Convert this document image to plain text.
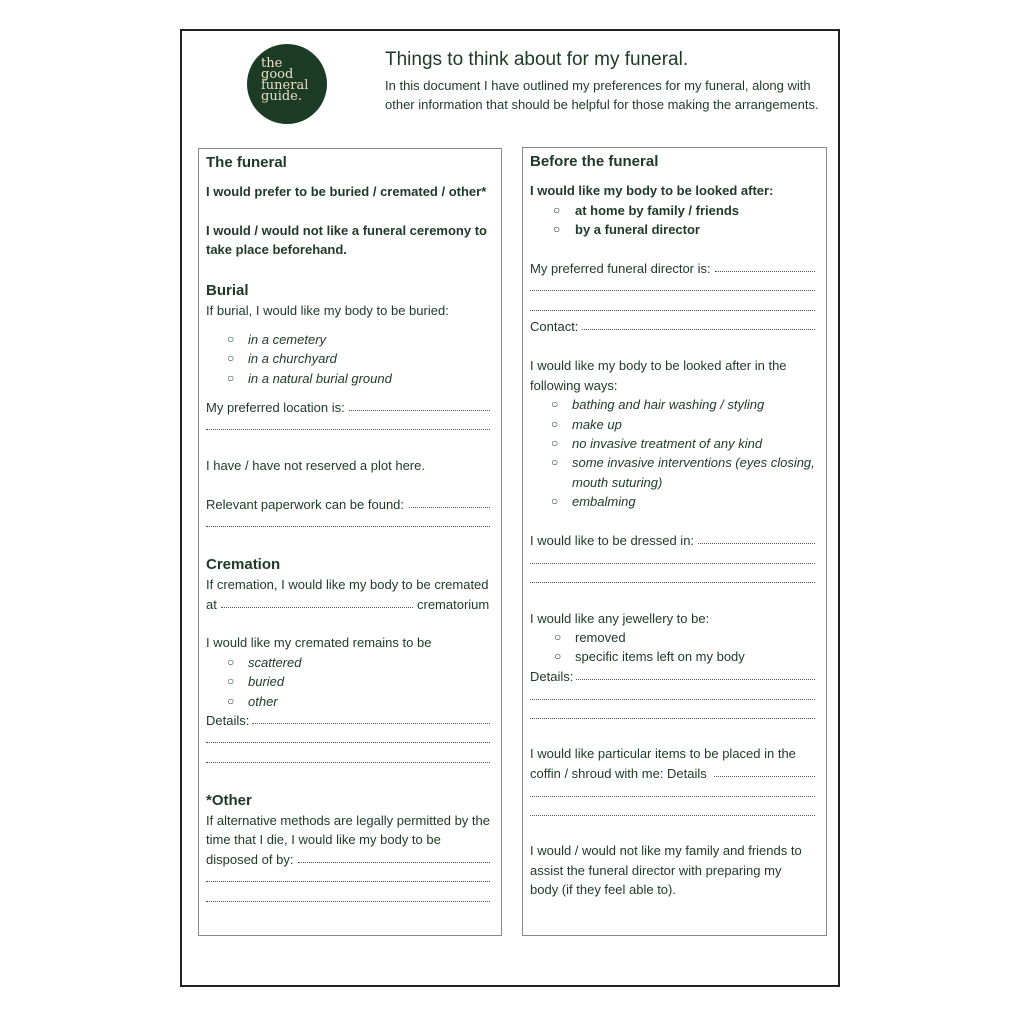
the
good
funeral
guide.
Things to think about for my funeral.
In this document I have outlined my preferences for my funeral, along with other information that should be helpful for those making the arrangements.
The funeral
I would prefer to be buried / cremated / other*
I would / would not like a funeral ceremony to
take place beforehand.
Burial
If burial, I would like my body to be buried:
○ in a cemetery
○ in a churchyard
○ in a natural burial ground
My preferred location is:
I have / have not reserved a plot here.
Relevant paperwork can be found:
Cremation
If cremation, I would like my body to be cremated
at	crematorium
I would like my cremated remains to be
○ scattered
○ buried
○ other
Details:
*Other
If alternative methods are legally permitted by the
time that I die, I would like my body to be
disposed of by:
Before the funeral
I would like my body to be looked after:
○ at home by family / friends
○ by a funeral director
My preferred funeral director is:
Contact:
I would like my body to be looked after in the
following ways:
○ bathing and hair washing / styling
○ make up
○ no invasive treatment of any kind
○ some invasive interventions (eyes closing,
mouth suturing)
○ embalming
I would like to be dressed in:
I would like any jewellery to be:
○ removed
○ specific items left on my body
Details:
I would like particular items to be placed in the
coffin / shroud with me: Details
I would / would not like my family and friends to
assist the funeral director with preparing my
body (if they feel able to).
